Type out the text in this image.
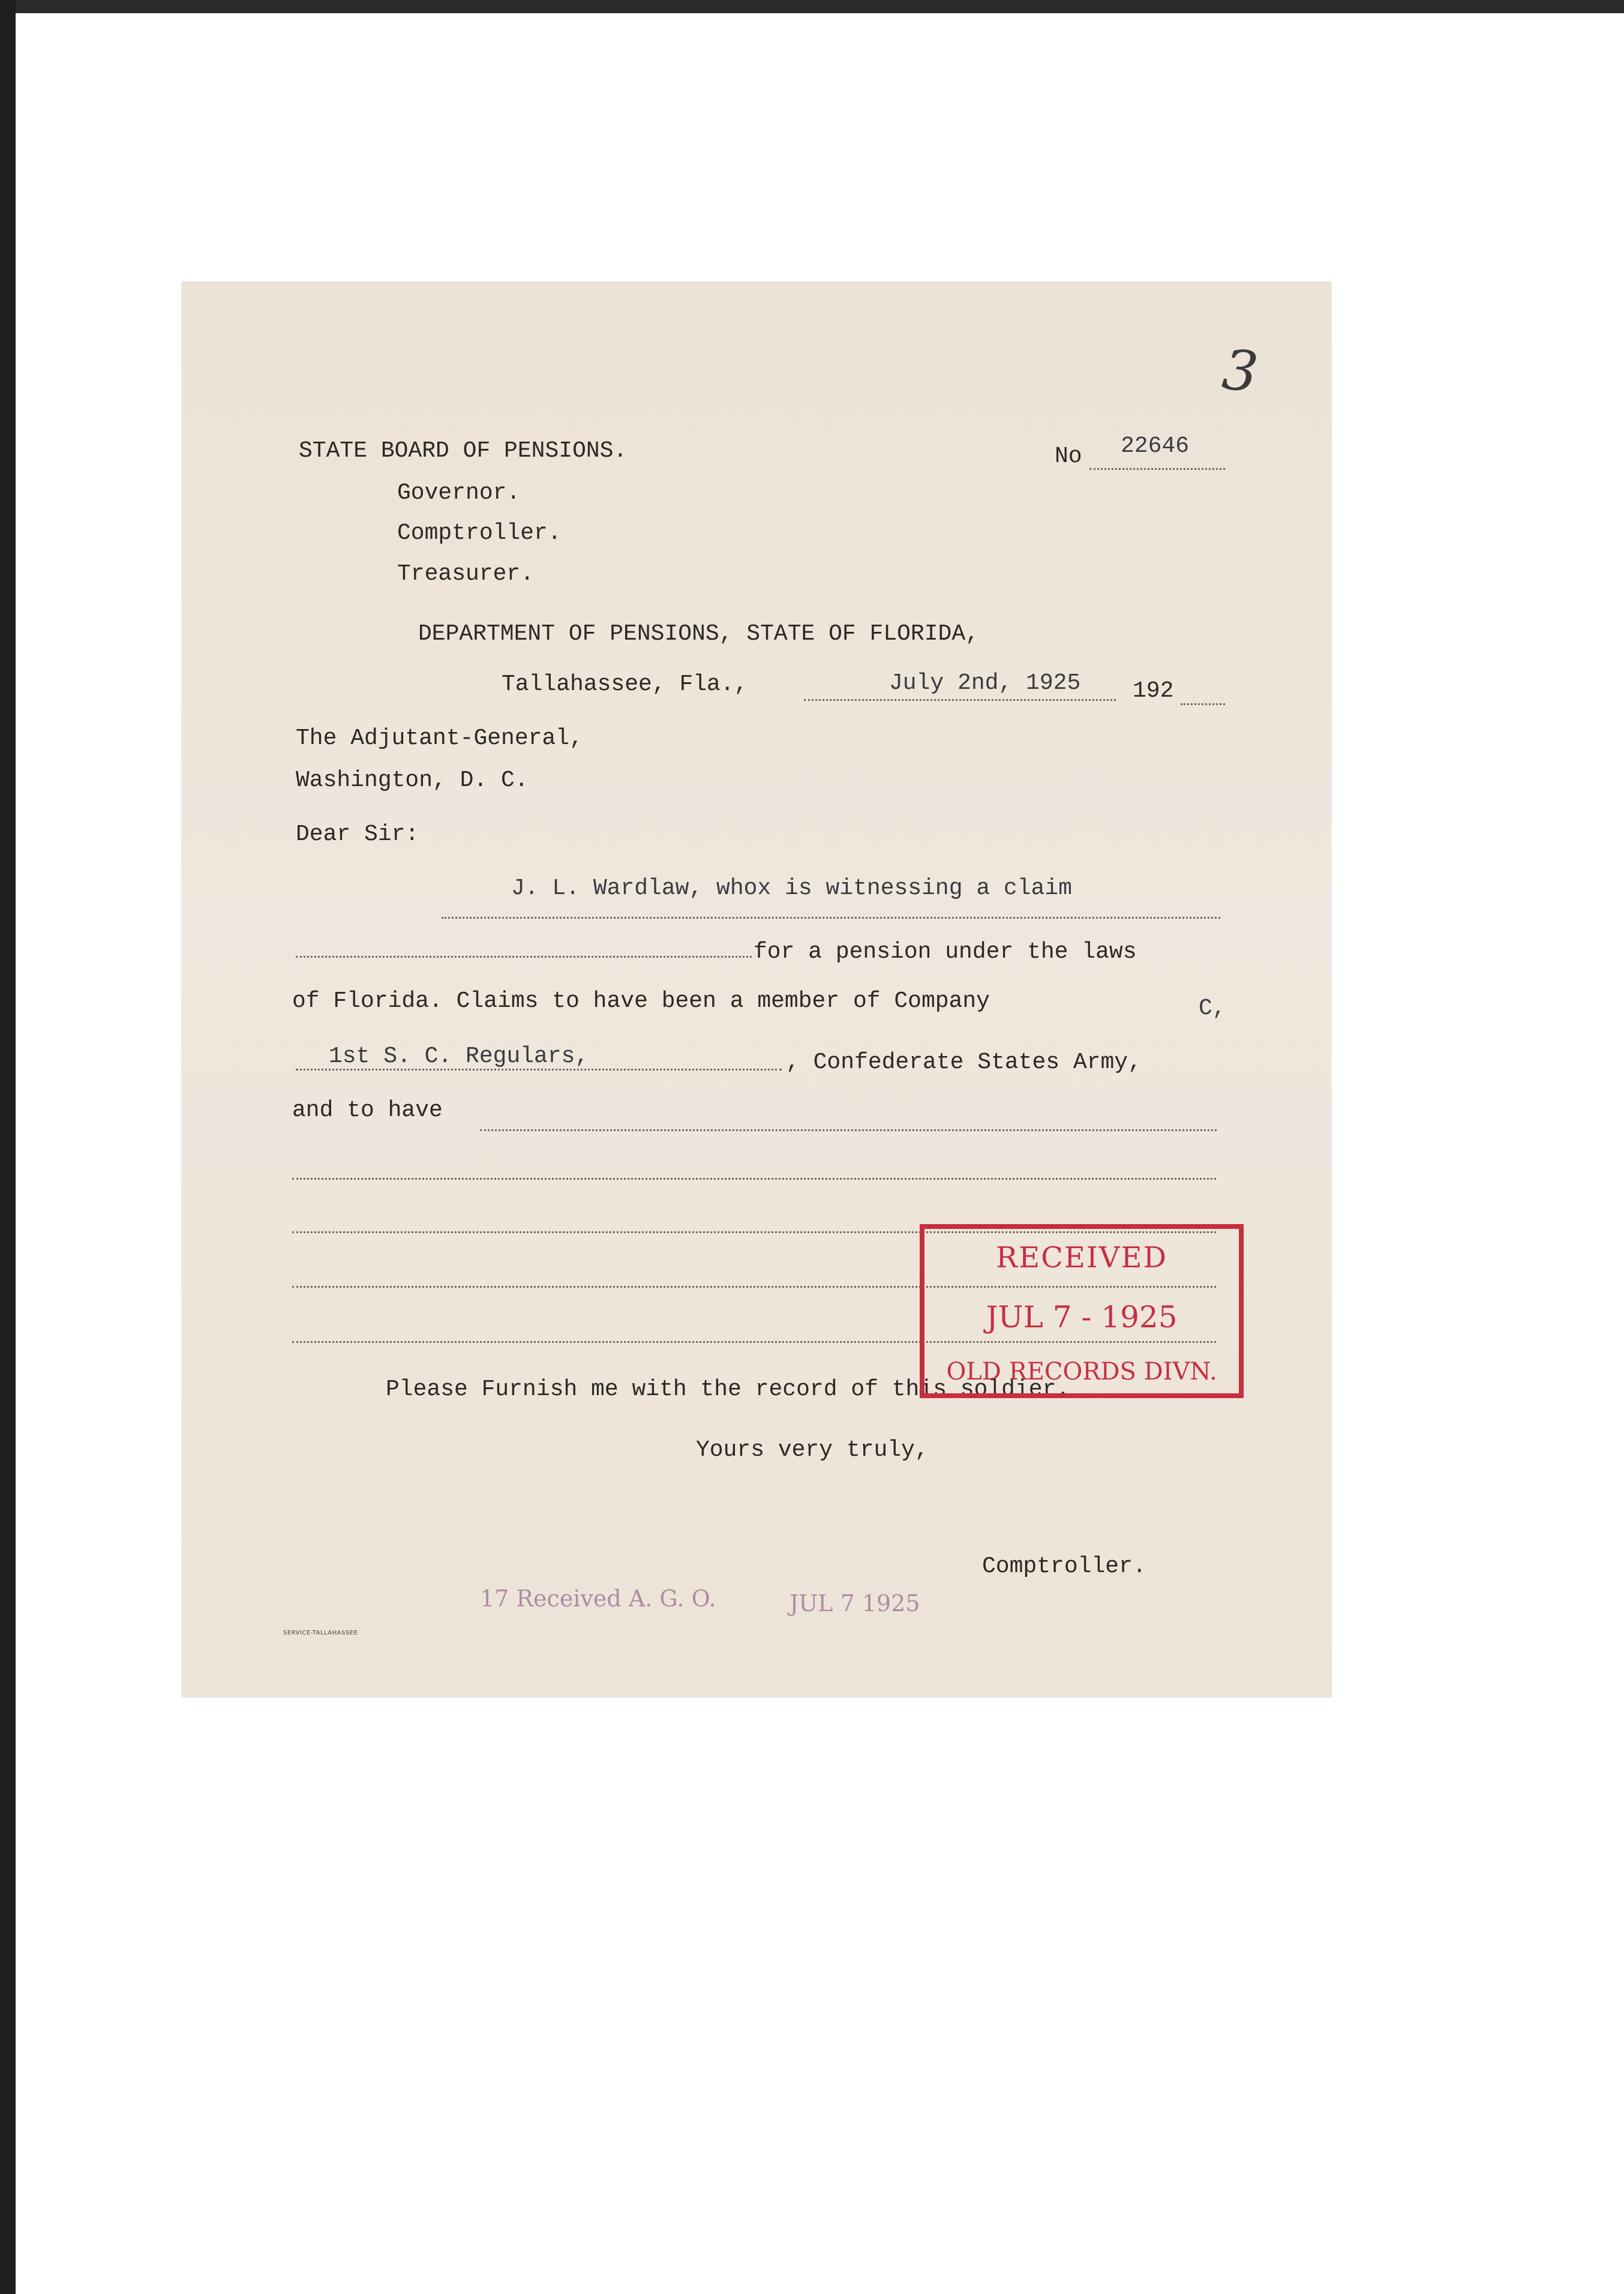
3
STATE BOARD OF PENSIONS.
Governor.
Comptroller.
Treasurer.
No 22646
DEPARTMENT OF PENSIONS, STATE OF FLORIDA,
Tallahassee, Fla.,	July 2nd, 1925 192
The Adjutant-General,
Washington, D. C.
Dear Sir:
J. L. Wardlaw, whox is witnessing a claim
for a pension under the laws
of Florida. Claims to have been a member of Company	C,
1st S. C. Regulars,	, Confederate States Army,
and to have
Please Furnish me with the record of this soldier.
Yours very truly,
Comptroller.
RECEIVED
JUL 7 - 1925
OLD RECORDS DIVN.
17 Received A. G. O.	JUL 7 1925
SERVICE-TALLAHASSEE
